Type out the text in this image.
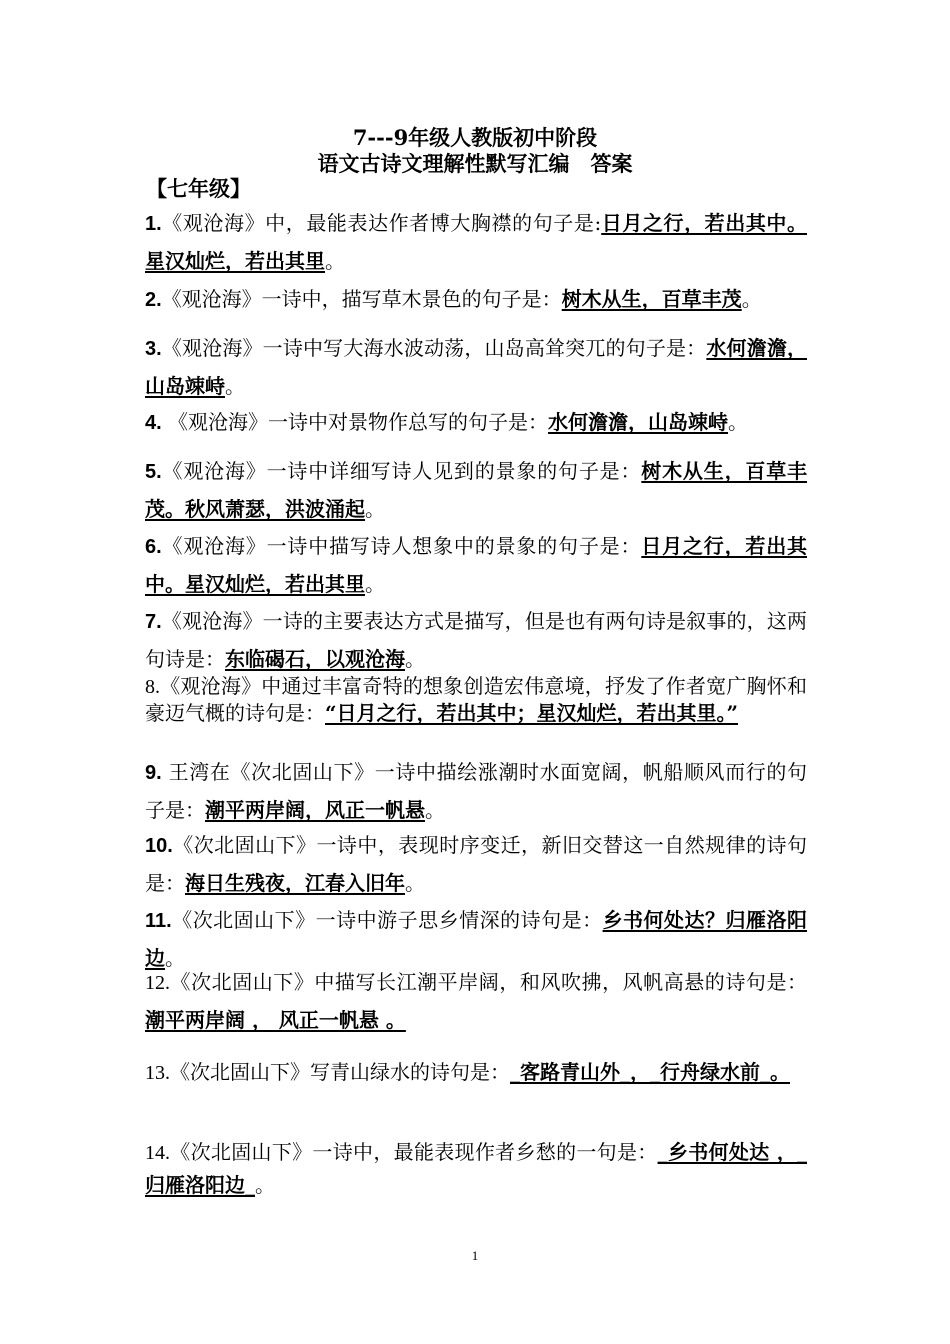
7---9年级人教版初中阶段
语文古诗文理解性默写汇编　答案
【七年级】
1.《观沧海》中，最能表达作者博大胸襟的句子是:日月之行，若出其中。星汉灿烂，若出其里。
2.《观沧海》一诗中，描写草木景色的句子是：树木从生，百草丰茂。
3.《观沧海》一诗中写大海水波动荡，山岛高耸突兀的句子是：水何澹澹，山岛竦峙。
4. 《观沧海》一诗中对景物作总写的句子是：水何澹澹，山岛竦峙。
5.《观沧海》一诗中详细写诗人见到的景象的句子是：树木从生，百草丰茂。秋风萧瑟，洪波涌起。
6.《观沧海》一诗中描写诗人想象中的景象的句子是：日月之行，若出其中。星汉灿烂，若出其里。
7.《观沧海》一诗的主要表达方式是描写，但是也有两句诗是叙事的，这两句诗是：东临碣石，以观沧海。
8.《观沧海》中通过丰富奇特的想象创造宏伟意境，抒发了作者宽广胸怀和豪迈气概的诗句是：“日月之行，若出其中；星汉灿烂，若出其里。”
9. 王湾在《次北固山下》一诗中描绘涨潮时水面宽阔，帆船顺风而行的句子是：潮平两岸阔，风正一帆悬。
10.《次北固山下》一诗中，表现时序变迁，新旧交替这一自然规律的诗句是：海日生残夜，江春入旧年。
11.《次北固山下》一诗中游子思乡情深的诗句是：乡书何处达？归雁洛阳边。
12.《次北固山下》中描写长江潮平岸阔，和风吹拂，风帆高悬的诗句是：潮平两岸阔 ， 风正一帆悬 。
13.《次北固山下》写青山绿水的诗句是：_客路青山外_，_行舟绿水前_。
14.《次北固山下》一诗中，最能表现作者乡愁的一句是：_乡书何处达 ，_归雁洛阳边_。
1
